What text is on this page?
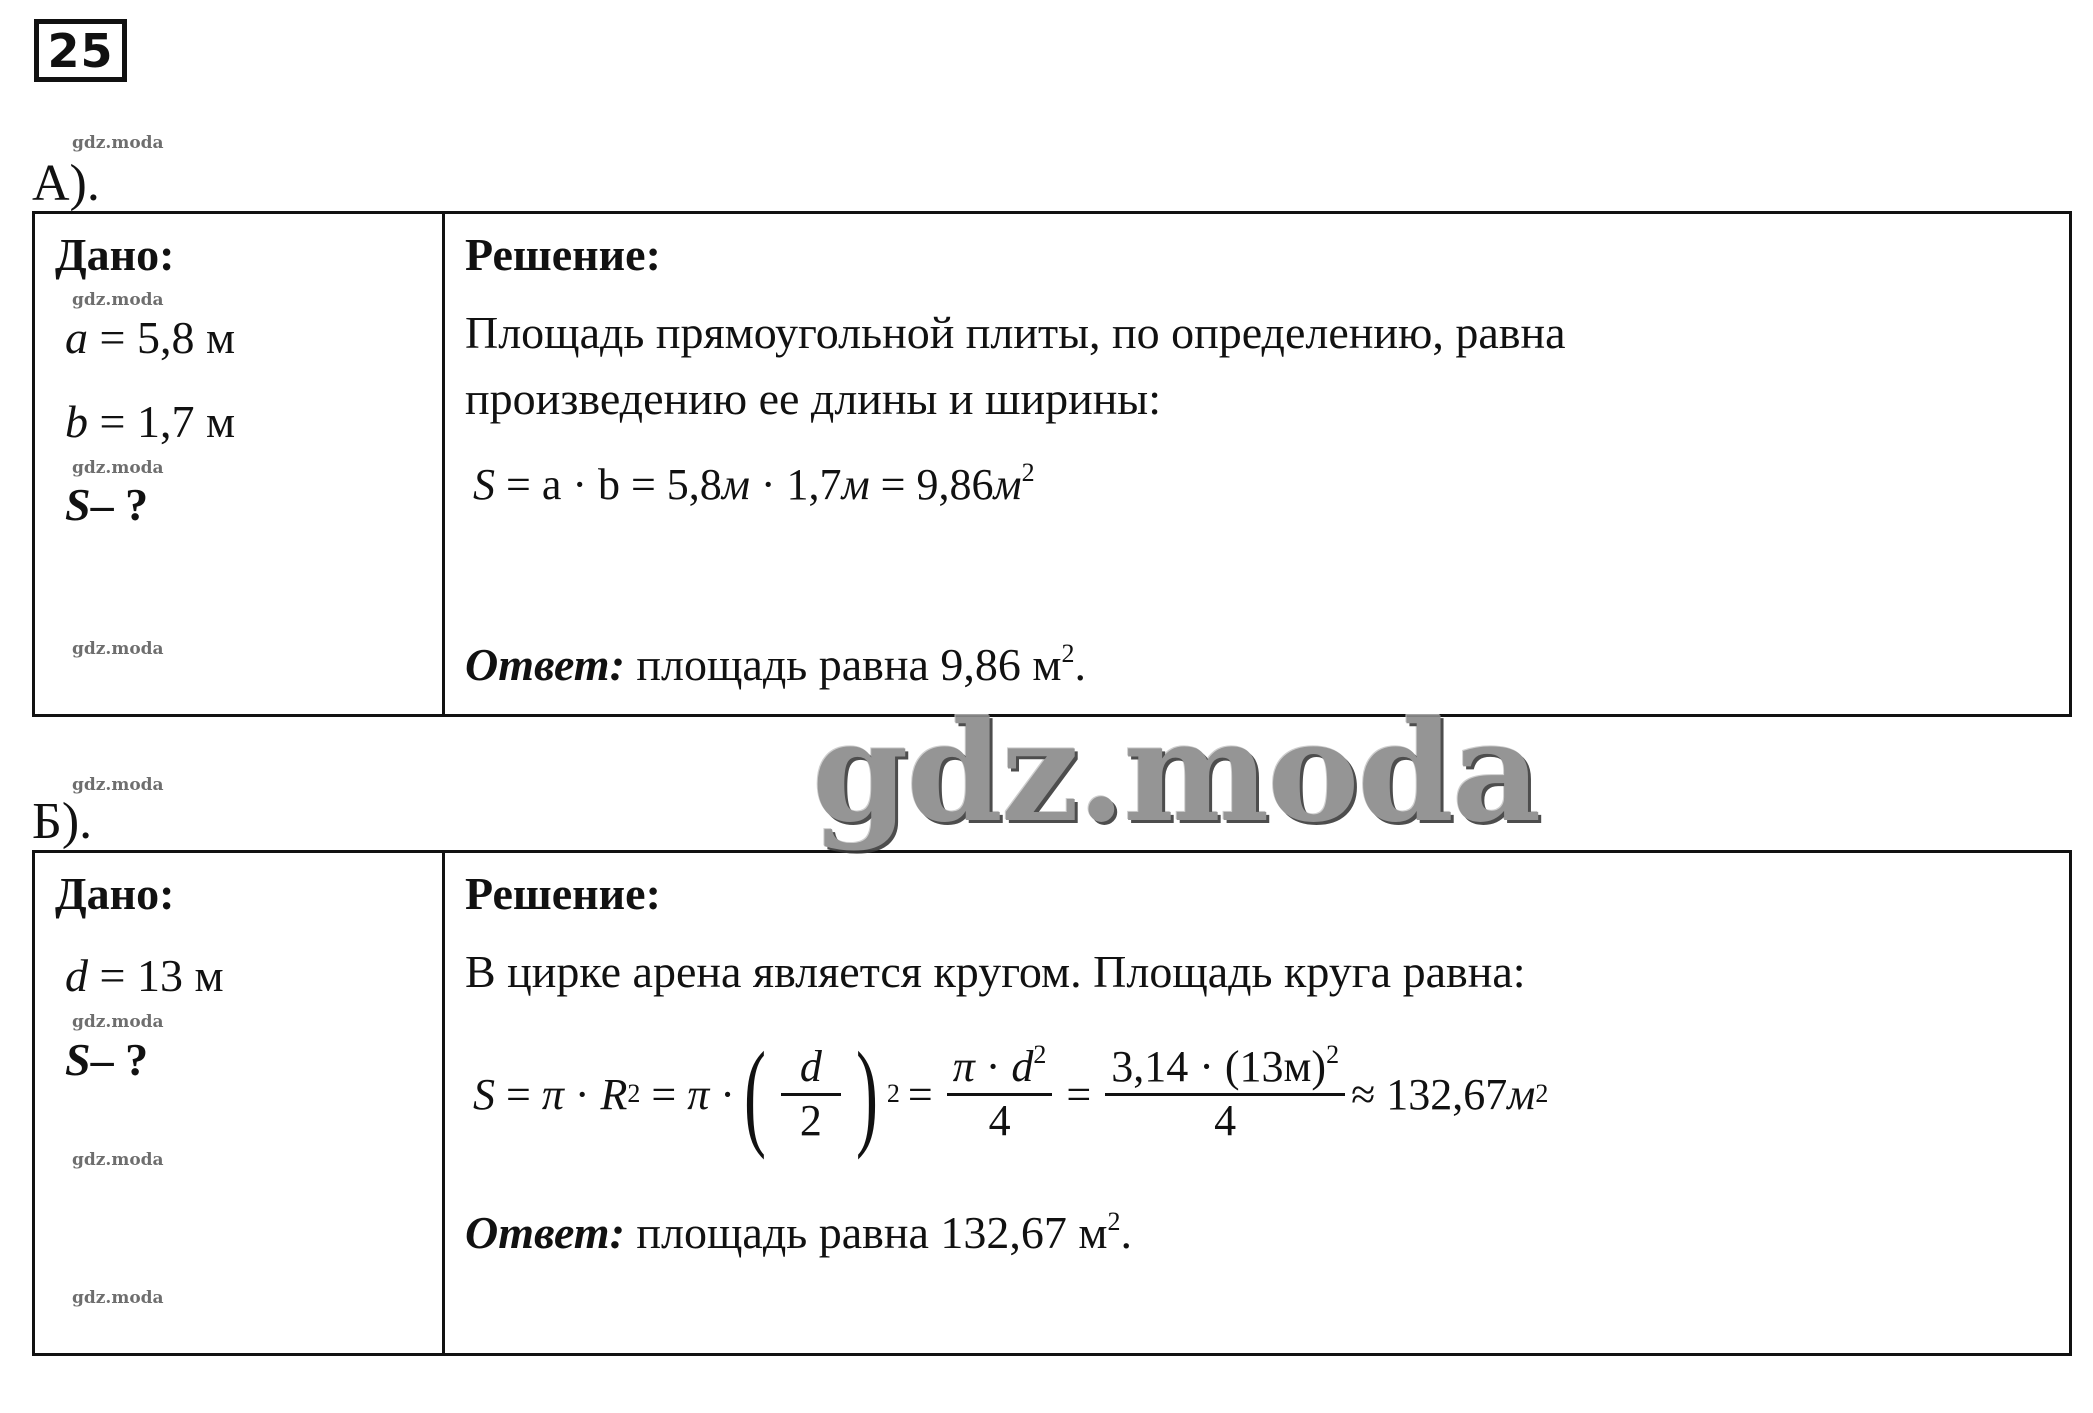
25
А).
Дано:
a = 5,8 м
b = 1,7 м
S– ?
Решение:
Площадь прямоугольной плиты, по определению, равна
произведению ее длины и ширины:
$S = a \cdot b = 5,8м \cdot 1,7м = 9,86м^2$
Ответ: площадь равна 9,86 $м^2$.
Б).
Дано:
d = 13 м
S– ?
Решение:
В цирке арена является кругом. Площадь круга равна:
S = π · R 2 = π · ( $\frac{d}{2}$ ) $2 = \frac{\pi \cdot d^2}{4} = \frac{3,14 \cdot (13м)^2}{4} \approx 132,67$ м 2
Ответ: площадь равна 132,67 $м^2$.
gdz.moda
gdz.moda
gdz.moda
gdz.moda
gdz.moda
gdz.moda
gdz.moda
gdz.moda
gdz.moda
